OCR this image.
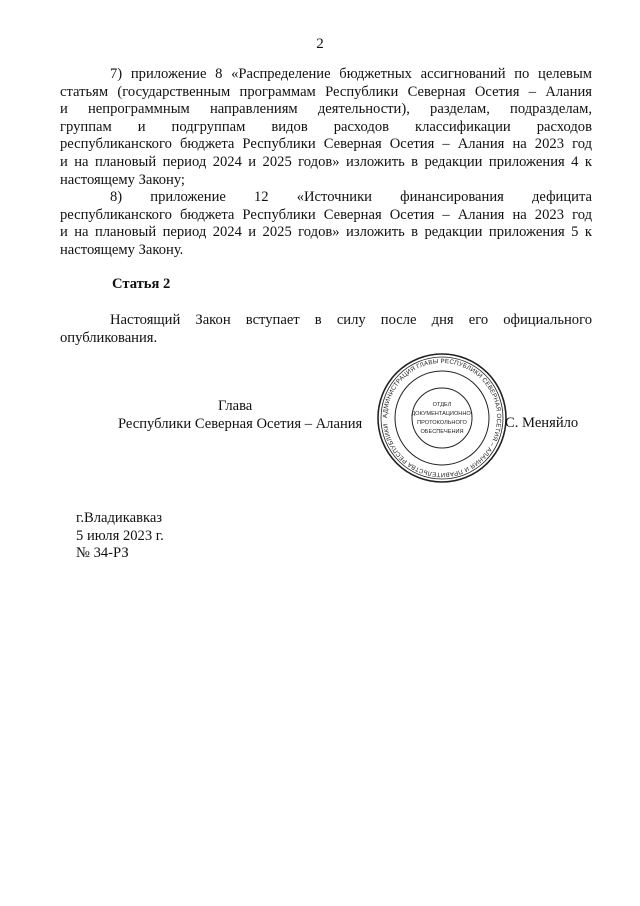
2

7) приложение 8 «Распределение бюджетных ассигнований по целевым
статьям (государственным программам Республики Северная Осетия – Алания
и непрограммным направлениям деятельности), разделам, подразделам,
группам и подгруппам видов расходов классификации расходов
республиканского бюджета Республики Северная Осетия – Алания на 2023 год
и на плановый период 2024 и 2025 годов» изложить в редакции приложения 4 к
настоящему Закону;

8) приложение 12 «Источники финансирования дефицита
республиканского бюджета Республики Северная Осетия – Алания на 2023 год
и на плановый период 2024 и 2025 годов» изложить в редакции приложения 5 к
настоящему Закону.

Статья 2
Настоящий Закон вступает в силу после дня его официального
опубликования.
Глава
Республики Северная Осетия – Алания
АДМИНИСТРАЦИЯ ГЛАВЫ РЕСПУБЛИКИ СЕВЕРНАЯ ОСЕТИЯ – АЛАНИЯ И ПРАВИТЕЛЬСТВА РЕСПУБЛИКИ
ОТДЕЛ
ДОКУМЕНТАЦИОННО-
ПРОТОКОЛЬНОГО
ОБЕСПЕЧЕНИЯ
С. Меняйло
г.Владикавказ
5 июля 2023 г.
№ 34-РЗ
